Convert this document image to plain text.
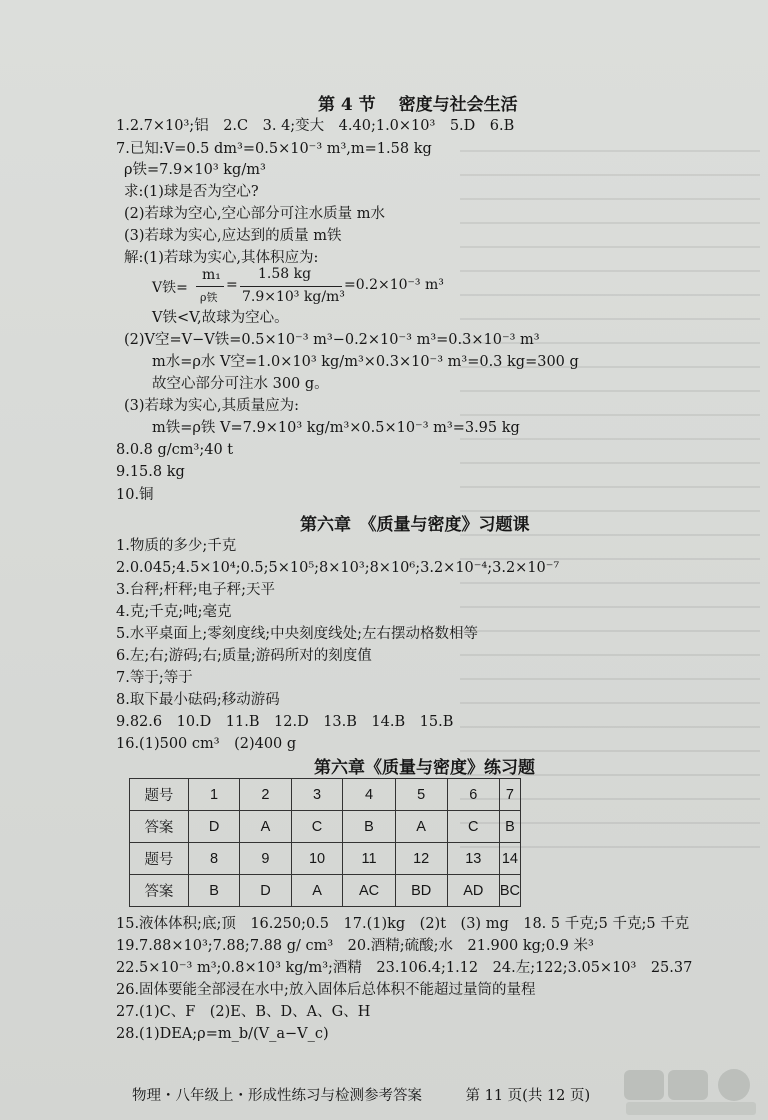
第 4 节　 密度与社会生活
1.2.7×10³;铝　2.C　3. 4;变大　4.40;1.0×10³　5.D　6.B
7.已知:V=0.5 dm³=0.5×10⁻³ m³,m=1.58 kg
ρ铁=7.9×10³ kg/m³
求:(1)球是否为空心?
(2)若球为空心,空心部分可注水质量 m水
(3)若球为实心,应达到的质量 m铁
解:(1)若球为实心,其体积应为:
V铁=
m₁
ρ铁
=
1.58 kg
7.9×10³ kg/m³
=0.2×10⁻³ m³
V铁<V,故球为空心。
(2)V空=V−V铁=0.5×10⁻³ m³−0.2×10⁻³ m³=0.3×10⁻³ m³
m水=ρ水 V空=1.0×10³ kg/m³×0.3×10⁻³ m³=0.3 kg=300 g
故空心部分可注水 300 g。
(3)若球为实心,其质量应为:
m铁=ρ铁 V=7.9×10³ kg/m³×0.5×10⁻³ m³=3.95 kg
8.0.8 g/cm³;40 t
9.15.8 kg
10.铜
第六章　《质量与密度》习题课
1.物质的多少;千克
2.0.045;4.5×10⁴;0.5;5×10⁵;8×10³;8×10⁶;3.2×10⁻⁴;3.2×10⁻⁷
3.台秤;杆秤;电子秤;天平
4.克;千克;吨;毫克
5.水平桌面上;零刻度线;中央刻度线处;左右摆动格数相等
6.左;右;游码;右;质量;游码所对的刻度值
7.等于;等于
8.取下最小砝码;移动游码
9.82.6　10.D　11.B　12.D　13.B　14.B　15.B
16.(1)500 cm³　(2)400 g
第六章《质量与密度》练习题
题号	1	2	3	4	5	6	7
答案	D	A	C	B	A	C	B
题号	8	9	10	11	12	13	14
答案	B	D	A	AC	BD	AD	BC
15.液体体积;底;顶　16.250;0.5　17.(1)kg　(2)t　(3) mg　18. 5 千克;5 千克;5 千克
19.7.88×10³;7.88;7.88 g/ cm³　20.酒精;硫酸;水　21.900 kg;0.9 米³
22.5×10⁻³ m³;0.8×10³ kg/m³;酒精　23.106.4;1.12　24.左;122;3.05×10³　25.37
26.固体要能全部浸在水中;放入固体后总体积不能超过量筒的量程
27.(1)C、F　(2)E、B、D、A、G、H
28.(1)DEA;ρ=m_b/(V_a−V_c)
物理・八年级上・形成性练习与检测参考答案　　　第 11 页(共 12 页)
